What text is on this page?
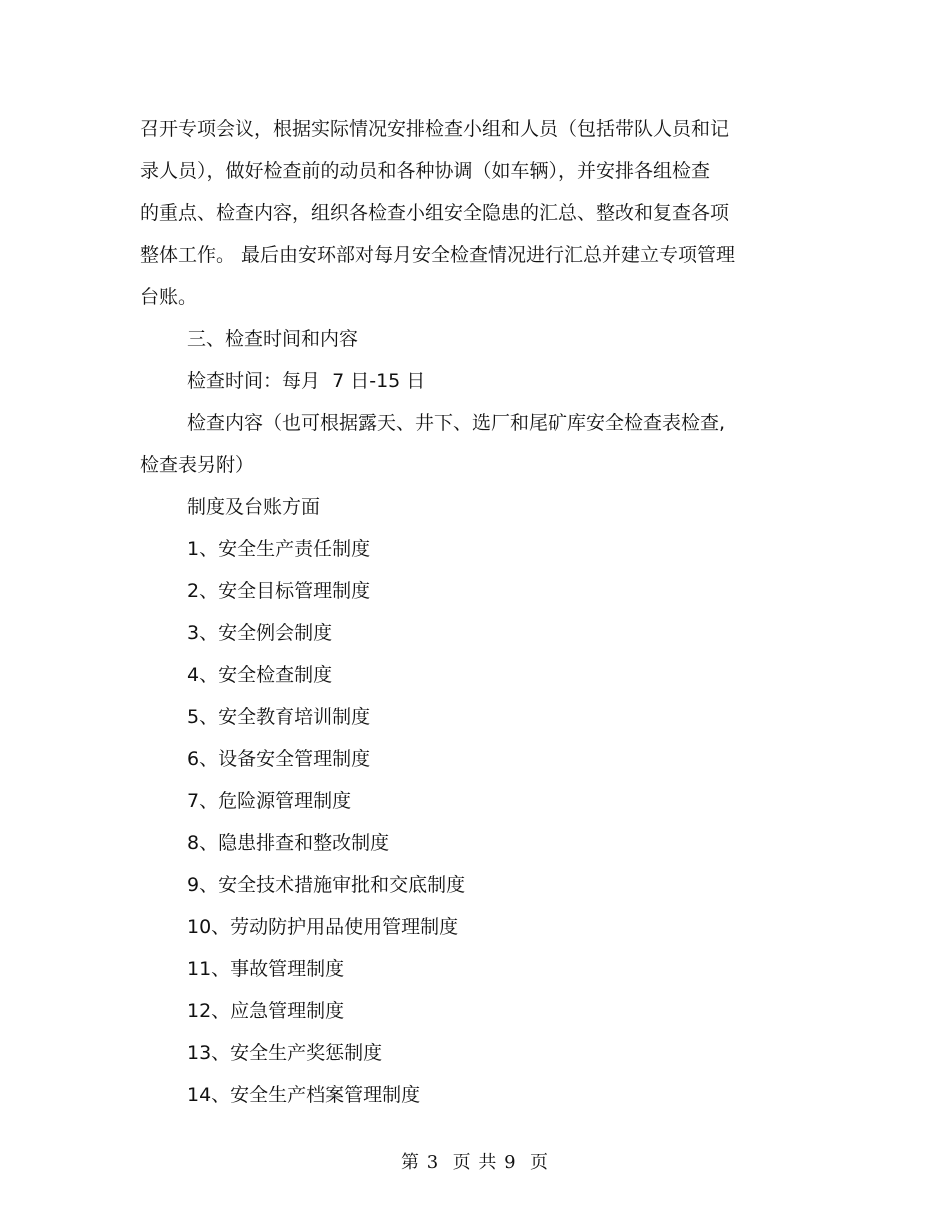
召开专项会议，根据实际情况安排检查小组和人员（包括带队人员和记
录人员），做好检查前的动员和各种协调（如车辆），并安排各组检查
的重点、检查内容，组织各检查小组安全隐患的汇总、整改和复查各项
整体工作。 最后由安环部对每月安全检查情况进行汇总并建立专项管理
台账。
三、检查时间和内容
检查时间：每月  7 日-15 日
检查内容（也可根据露天、井下、选厂和尾矿库安全检查表检查,
检查表另附）
制度及台账方面
1、安全生产责任制度
2、安全目标管理制度
3、安全例会制度
4、安全检查制度
5、安全教育培训制度
6、设备安全管理制度
7、危险源管理制度
8、隐患排查和整改制度
9、安全技术措施审批和交底制度
10、劳动防护用品使用管理制度
11、事故管理制度
12、应急管理制度
13、安全生产奖惩制度
14、安全生产档案管理制度
第 3  页 共 9  页
